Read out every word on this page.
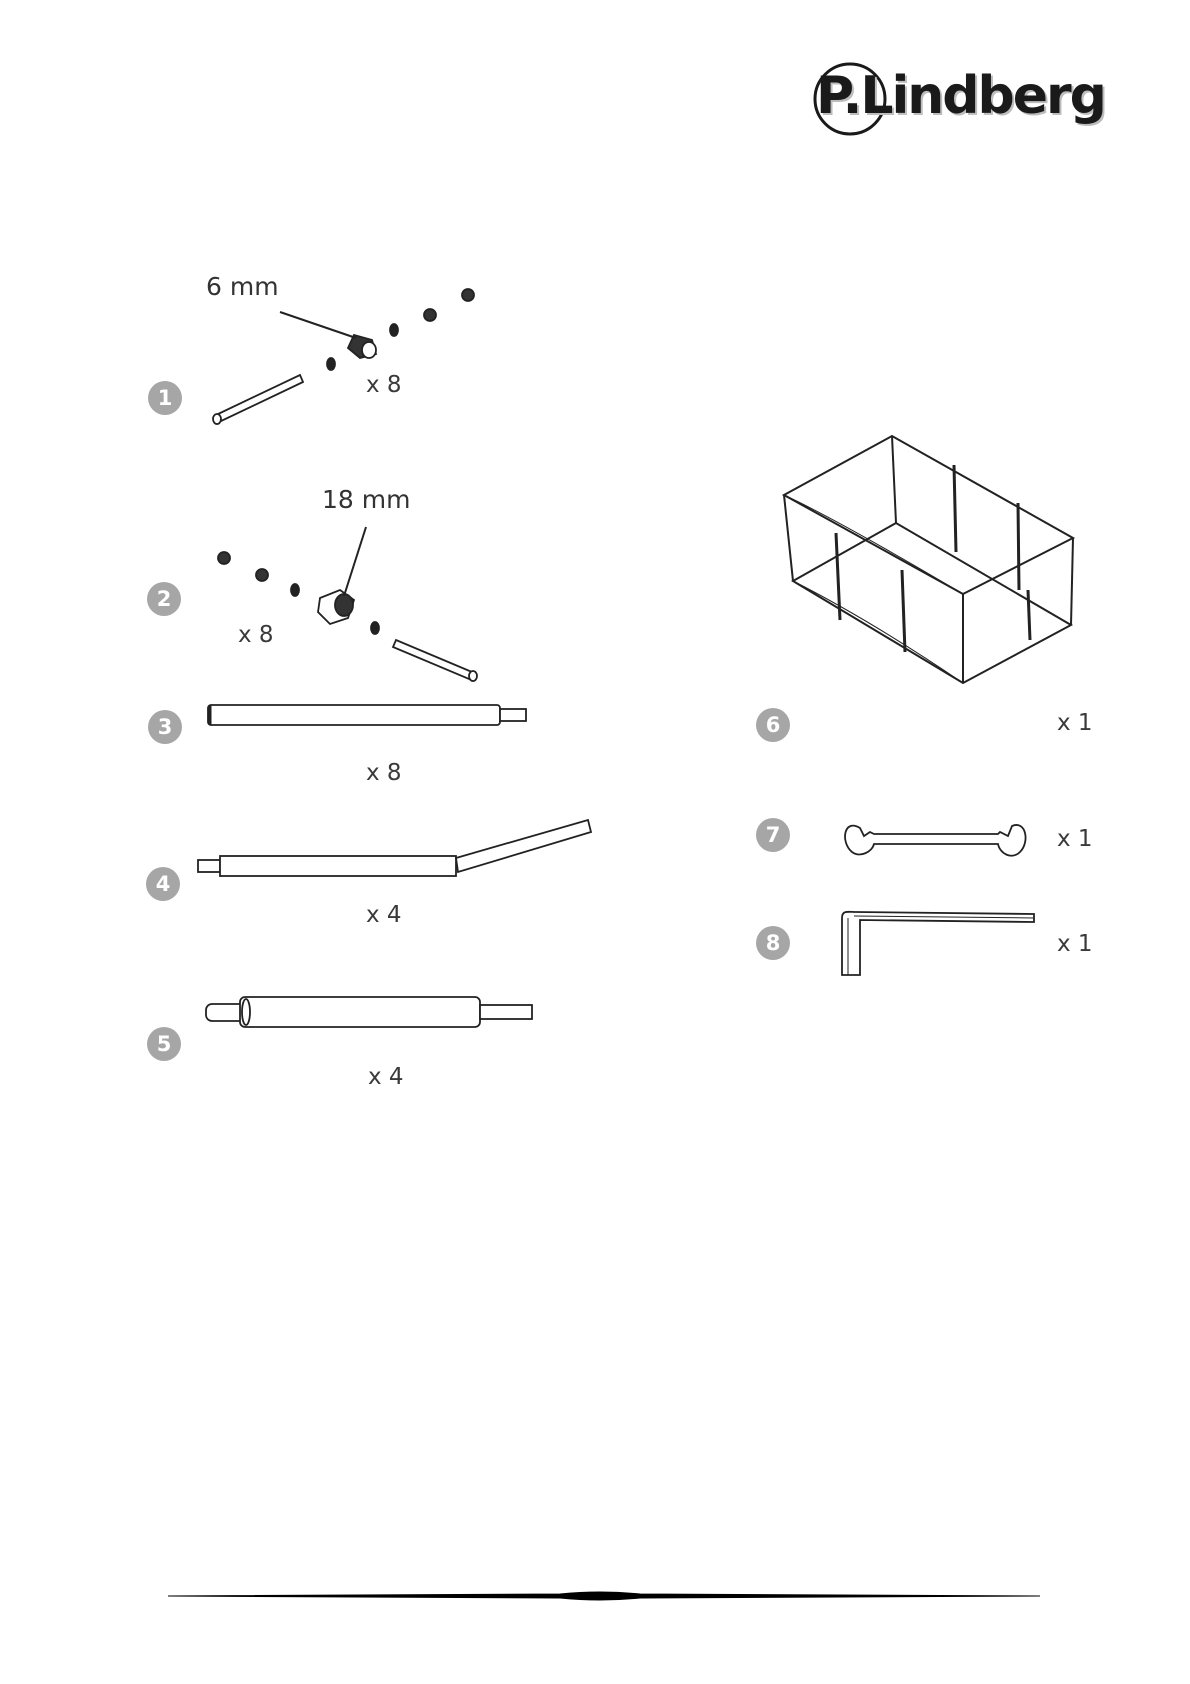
P.Lindberg
6 mm
18 mm
1
2
3
4
5
6
7
8
x 8
x 8
x 8
x 4
x 4
x 1
x 1
x 1
